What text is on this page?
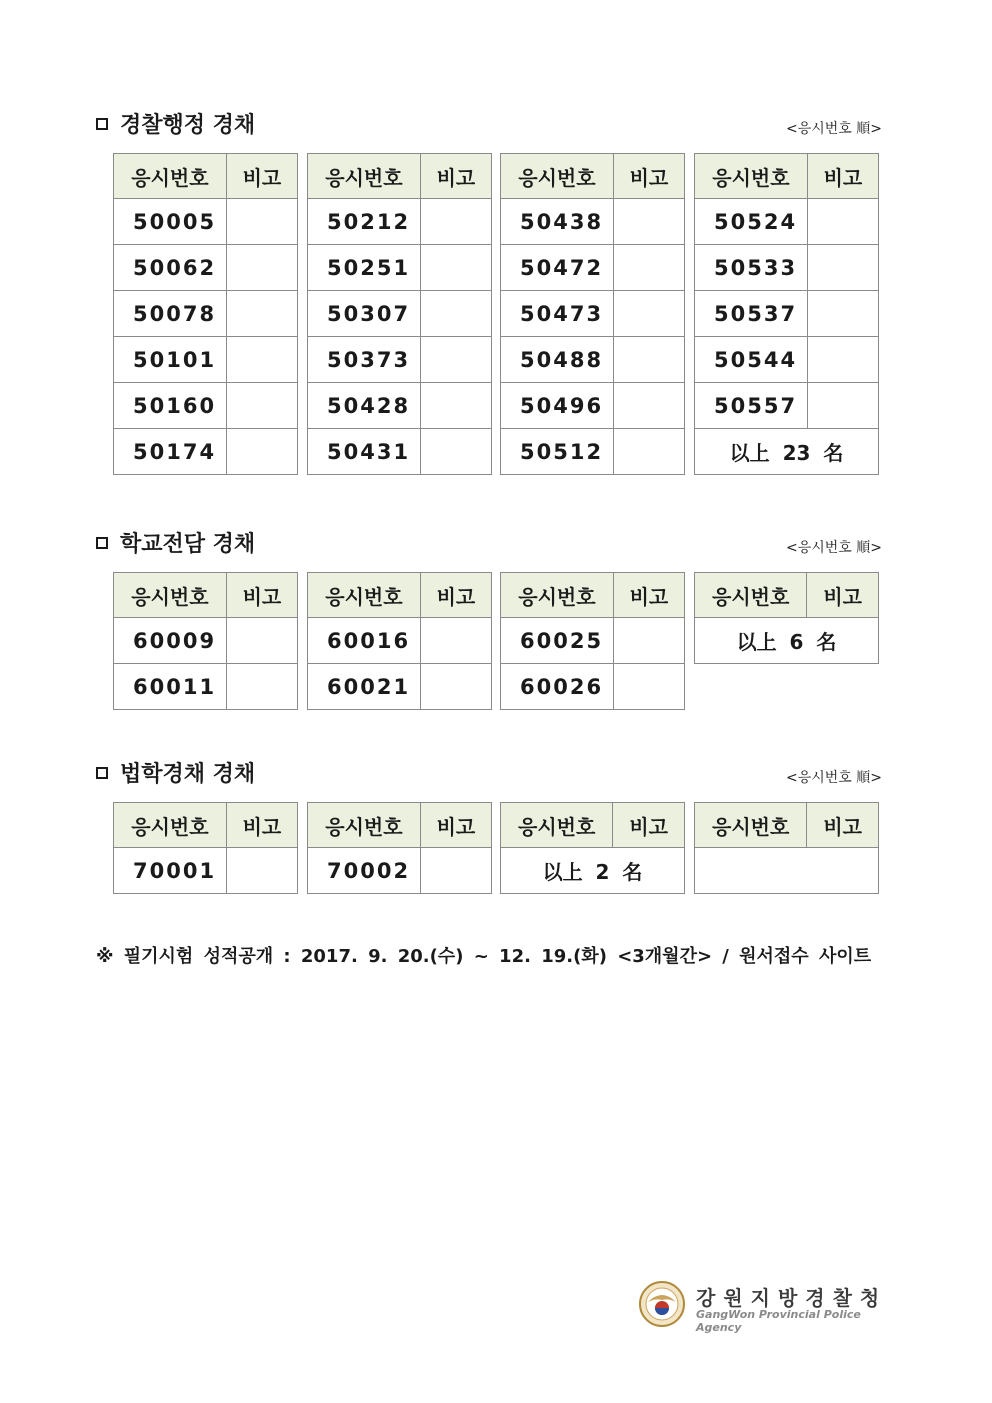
경찰행정 경채	<응시번호 順>
응시번호	비고
50005	
50062	
50078	
50101	
50160	
50174	
응시번호	비고
50212	
50251	
50307	
50373	
50428	
50431	
응시번호	비고
50438	
50472	
50473	
50488	
50496	
50512	
응시번호	비고
50524	
50533	
50537	
50544	
50557	
以上 23 名	
학교전담 경채	<응시번호 順>
응시번호	비고
60009	
60011	
응시번호	비고
60016	
60021	
응시번호	비고
60025	
60026	
응시번호	비고
以上 6 名
법학경채 경채	<응시번호 順>
응시번호	비고
70001	
응시번호	비고
70002	
응시번호	비고
以上 2 名
응시번호	비고

※ 필기시험 성적공개 : 2017. 9. 20.(수) ~ 12. 19.(화) <3개월간> / 원서접수 사이트
강원지방경찰청
GangWon Provincial Police Agency
